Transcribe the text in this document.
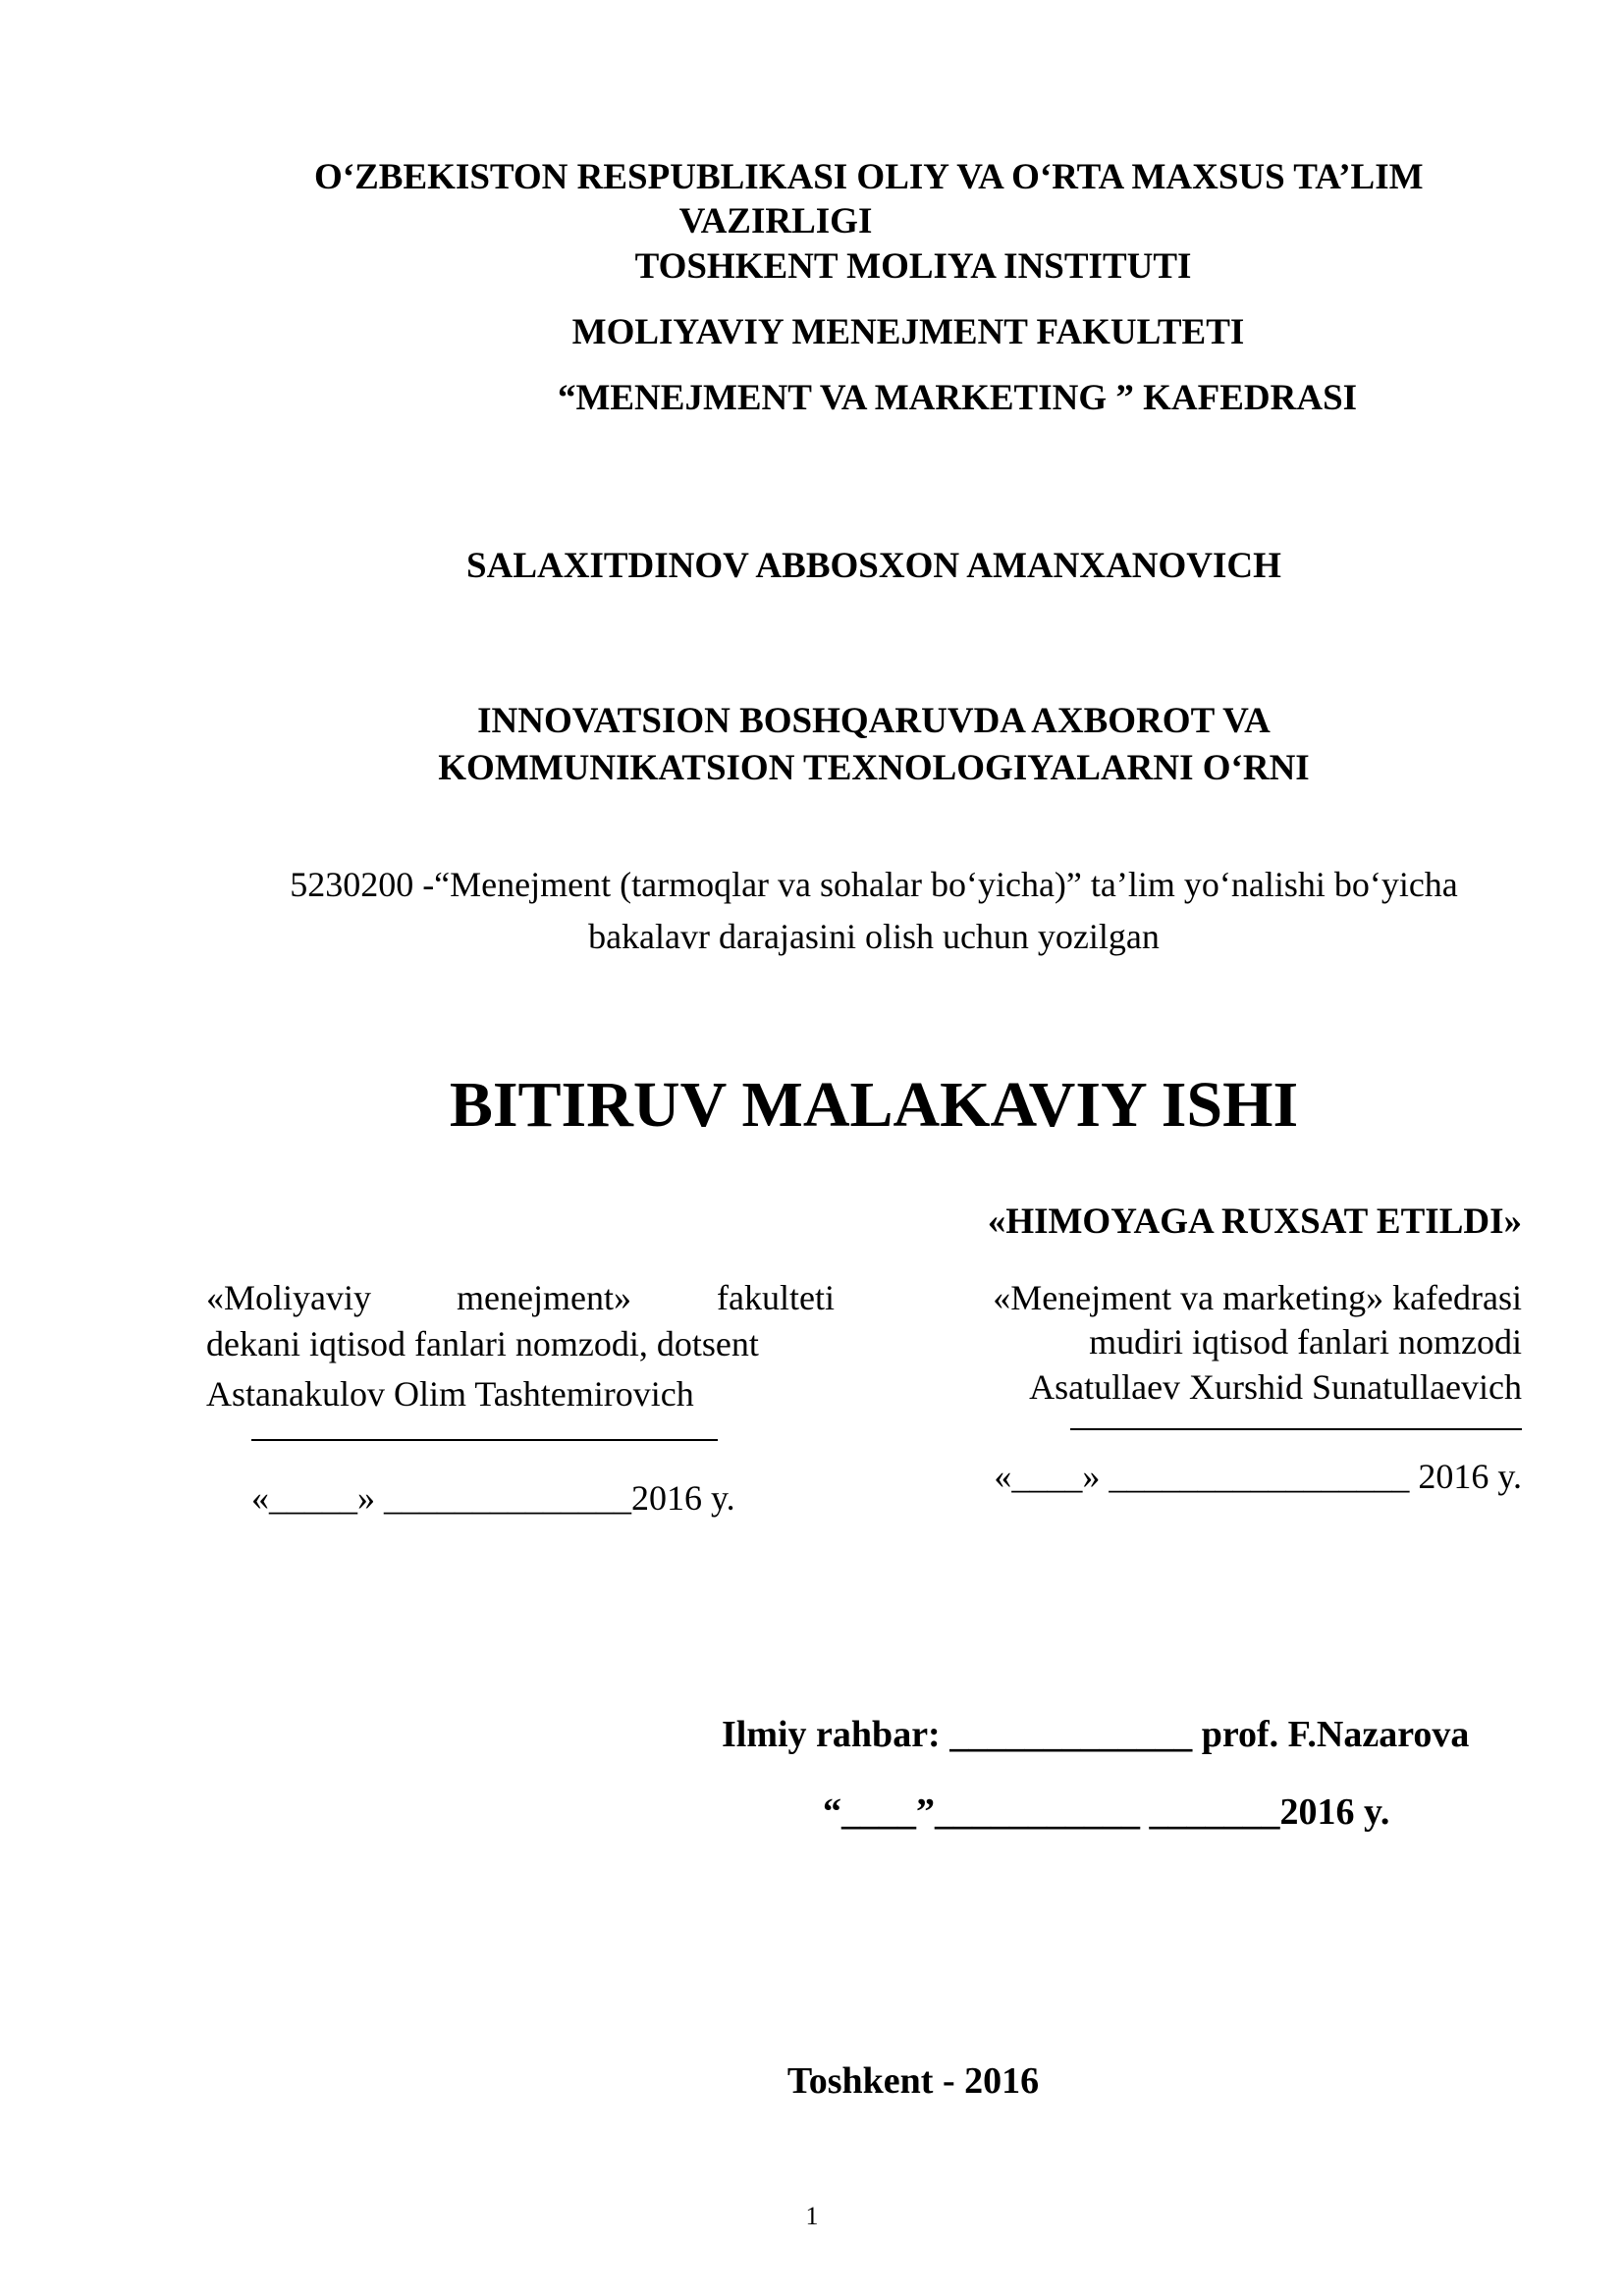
O‘ZBEKISTON RESPUBLIKASI OLIY VA O‘RTA MAXSUS TA’LIM
VAZIRLIGI
TOSHKENT MOLIYA INSTITUTI
MOLIYAVIY MENEJMENT FAKULTETI
“MENEJMENT VA MARKETING ” KAFEDRASI
SALAXITDINOV ABBOSXON AMANXANOVICH
INNOVATSION BOSHQARUVDA AXBOROT VA
KOMMUNIKATSION TEXNOLOGIYALARNI O‘RNI
5230200 -“Menejment (tarmoqlar va sohalar bo‘yicha)” ta’lim yo‘nalishi bo‘yicha
bakalavr darajasini olish uchun yozilgan
BITIRUV MALAKAVIY ISHI
«HIMOYAGA RUXSAT ETILDI»
«Moliyaviy menejment» fakulteti
dekani iqtisod fanlari nomzodi, dotsent
Astanakulov Olim Tashtemirovich
«_____» ______________2016 y.
«Menejment va marketing» kafedrasi
mudiri iqtisod fanlari nomzodi
Asatullaev Xurshid Sunatullaevich
«____» _________________ 2016 y.
Ilmiy rahbar: _____________ prof. F.Nazarova
“____”___________ _______2016 y.
Toshkent - 2016
1
